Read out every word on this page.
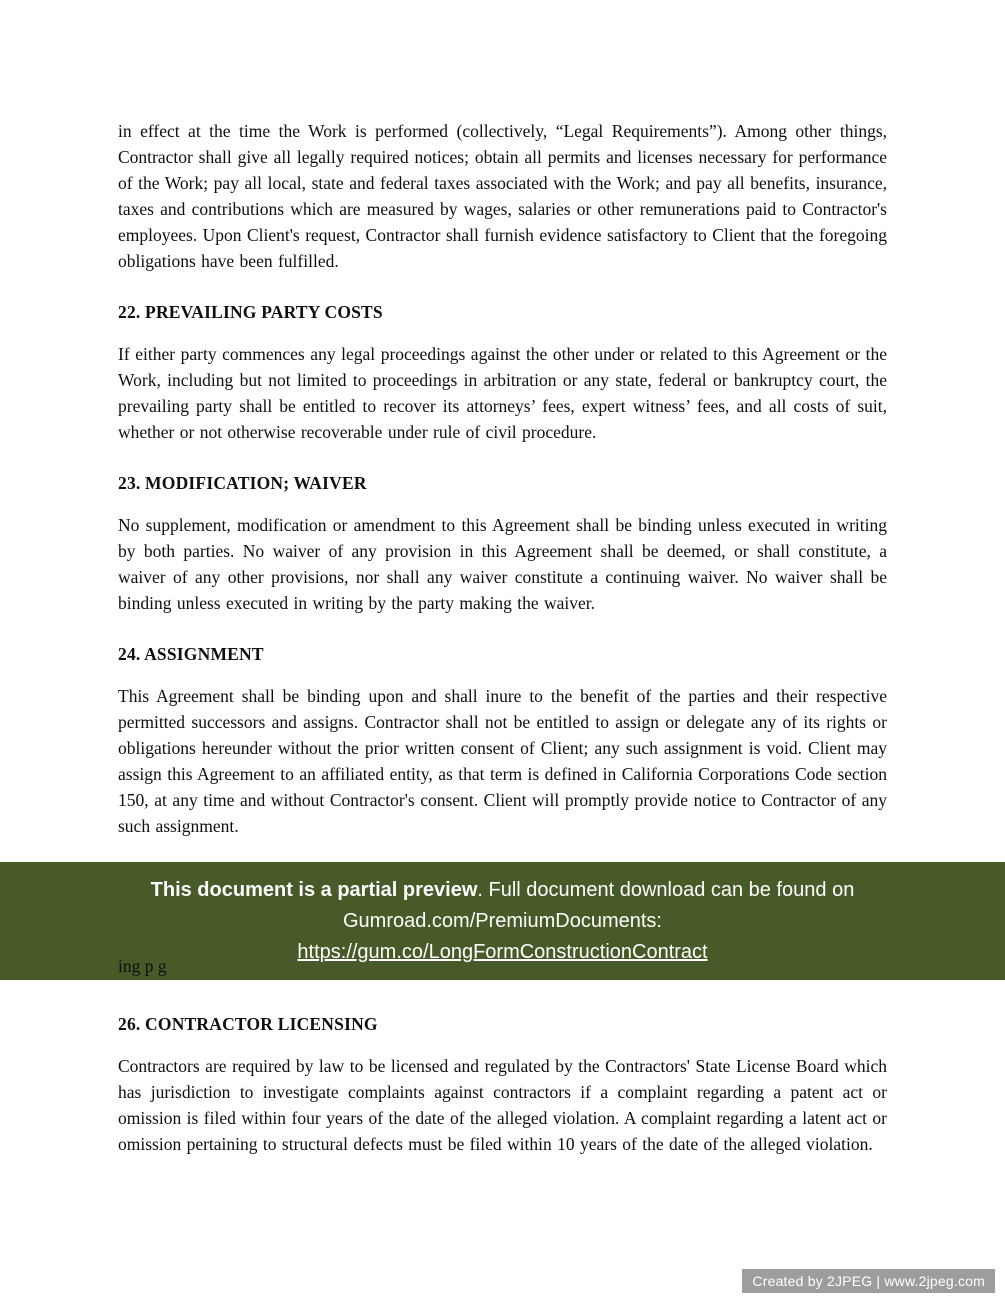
in effect at the time the Work is performed (collectively, “Legal Requirements”). Among other things, Contractor shall give all legally required notices; obtain all permits and licenses necessary for performance of the Work; pay all local, state and federal taxes associated with the Work; and pay all benefits, insurance, taxes and contributions which are measured by wages, salaries or other remunerations paid to Contractor's employees. Upon Client's request, Contractor shall furnish evidence satisfactory to Client that the foregoing obligations have been fulfilled.

22. PREVAILING PARTY COSTS

If either party commences any legal proceedings against the other under or related to this Agreement or the Work, including but not limited to proceedings in arbitration or any state, federal or bankruptcy court, the prevailing party shall be entitled to recover its attorneys’ fees, expert witness’ fees, and all costs of suit, whether or not otherwise recoverable under rule of civil procedure.

23. MODIFICATION; WAIVER

No supplement, modification or amendment to this Agreement shall be binding unless executed in writing by both parties. No waiver of any provision in this Agreement shall be deemed, or shall constitute, a waiver of any other provisions, nor shall any waiver constitute a continuing waiver. No waiver shall be binding unless executed in writing by the party making the waiver.

24. ASSIGNMENT

This Agreement shall be binding upon and shall inure to the benefit of the parties and their respective permitted successors and assigns. Contractor shall not be entitled to assign or delegate any of its rights or obligations hereunder without the prior written consent of Client; any such assignment is void. Client may assign this Agreement to an affiliated entity, as that term is defined in California Corporations Code section 150, at any time and without Contractor's consent. Client will promptly provide notice to Contractor of any such assignment.

This document is a partial preview. Full document download can be found on
Gumroad.com/PremiumDocuments:
https://gum.co/LongFormConstructionContract
ing p g
26. CONTRACTOR LICENSING

Contractors are required by law to be licensed and regulated by the Contractors' State License Board which has jurisdiction to investigate complaints against contractors if a complaint regarding a patent act or omission is filed within four years of the date of the alleged violation. A complaint regarding a latent act or omission pertaining to structural defects must be filed within 10 years of the date of the alleged violation.

Created by 2JPEG | www.2jpeg.com
